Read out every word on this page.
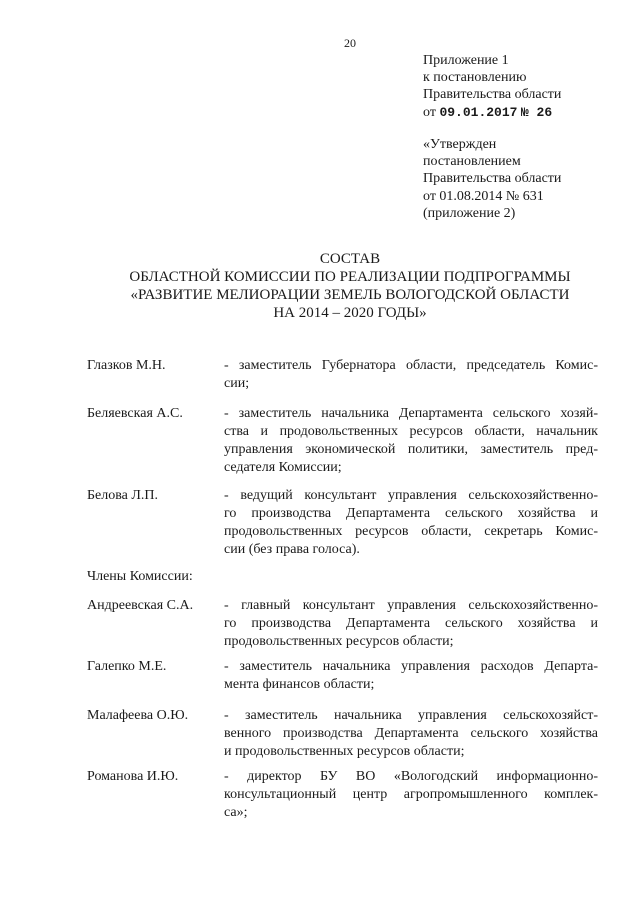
20
Приложение 1
к постановлению
Правительства области
от 09.01.2017 № 26
«Утвержден
постановлением
Правительства области
от 01.08.2014 № 631
(приложение 2)
СОСТАВ
ОБЛАСТНОЙ КОМИССИИ ПО РЕАЛИЗАЦИИ ПОДПРОГРАММЫ
«РАЗВИТИЕ МЕЛИОРАЦИИ ЗЕМЕЛЬ ВОЛОГОДСКОЙ ОБЛАСТИ
НА 2014 – 2020 ГОДЫ»
Глазков М.Н.	- заместитель Губернатора области, председатель Комис-
сии;
Беляевская А.С.	- заместитель начальника Департамента сельского хозяй-
ства и продовольственных ресурсов области, начальник
управления экономической политики, заместитель пред-
седателя Комиссии;
Белова Л.П.	- ведущий консультант управления сельскохозяйственно-
го производства Департамента сельского хозяйства и
продовольственных ресурсов области, секретарь Комис-
сии (без права голоса).
Члены Комиссии:
Андреевская С.А. - главный консультант управления сельскохозяйственно-
го производства Департамента сельского хозяйства и
продовольственных ресурсов области;
Галепко М.Е.	- заместитель начальника управления расходов Департа-
мента финансов области;
Малафеева О.Ю.	- заместитель начальника управления сельскохозяйст-
венного производства Департамента сельского хозяйства
и продовольственных ресурсов области;
Романова И.Ю.	- директор БУ ВО «Вологодский информационно-
консультационный центр агропромышленного комплек-
са»;
